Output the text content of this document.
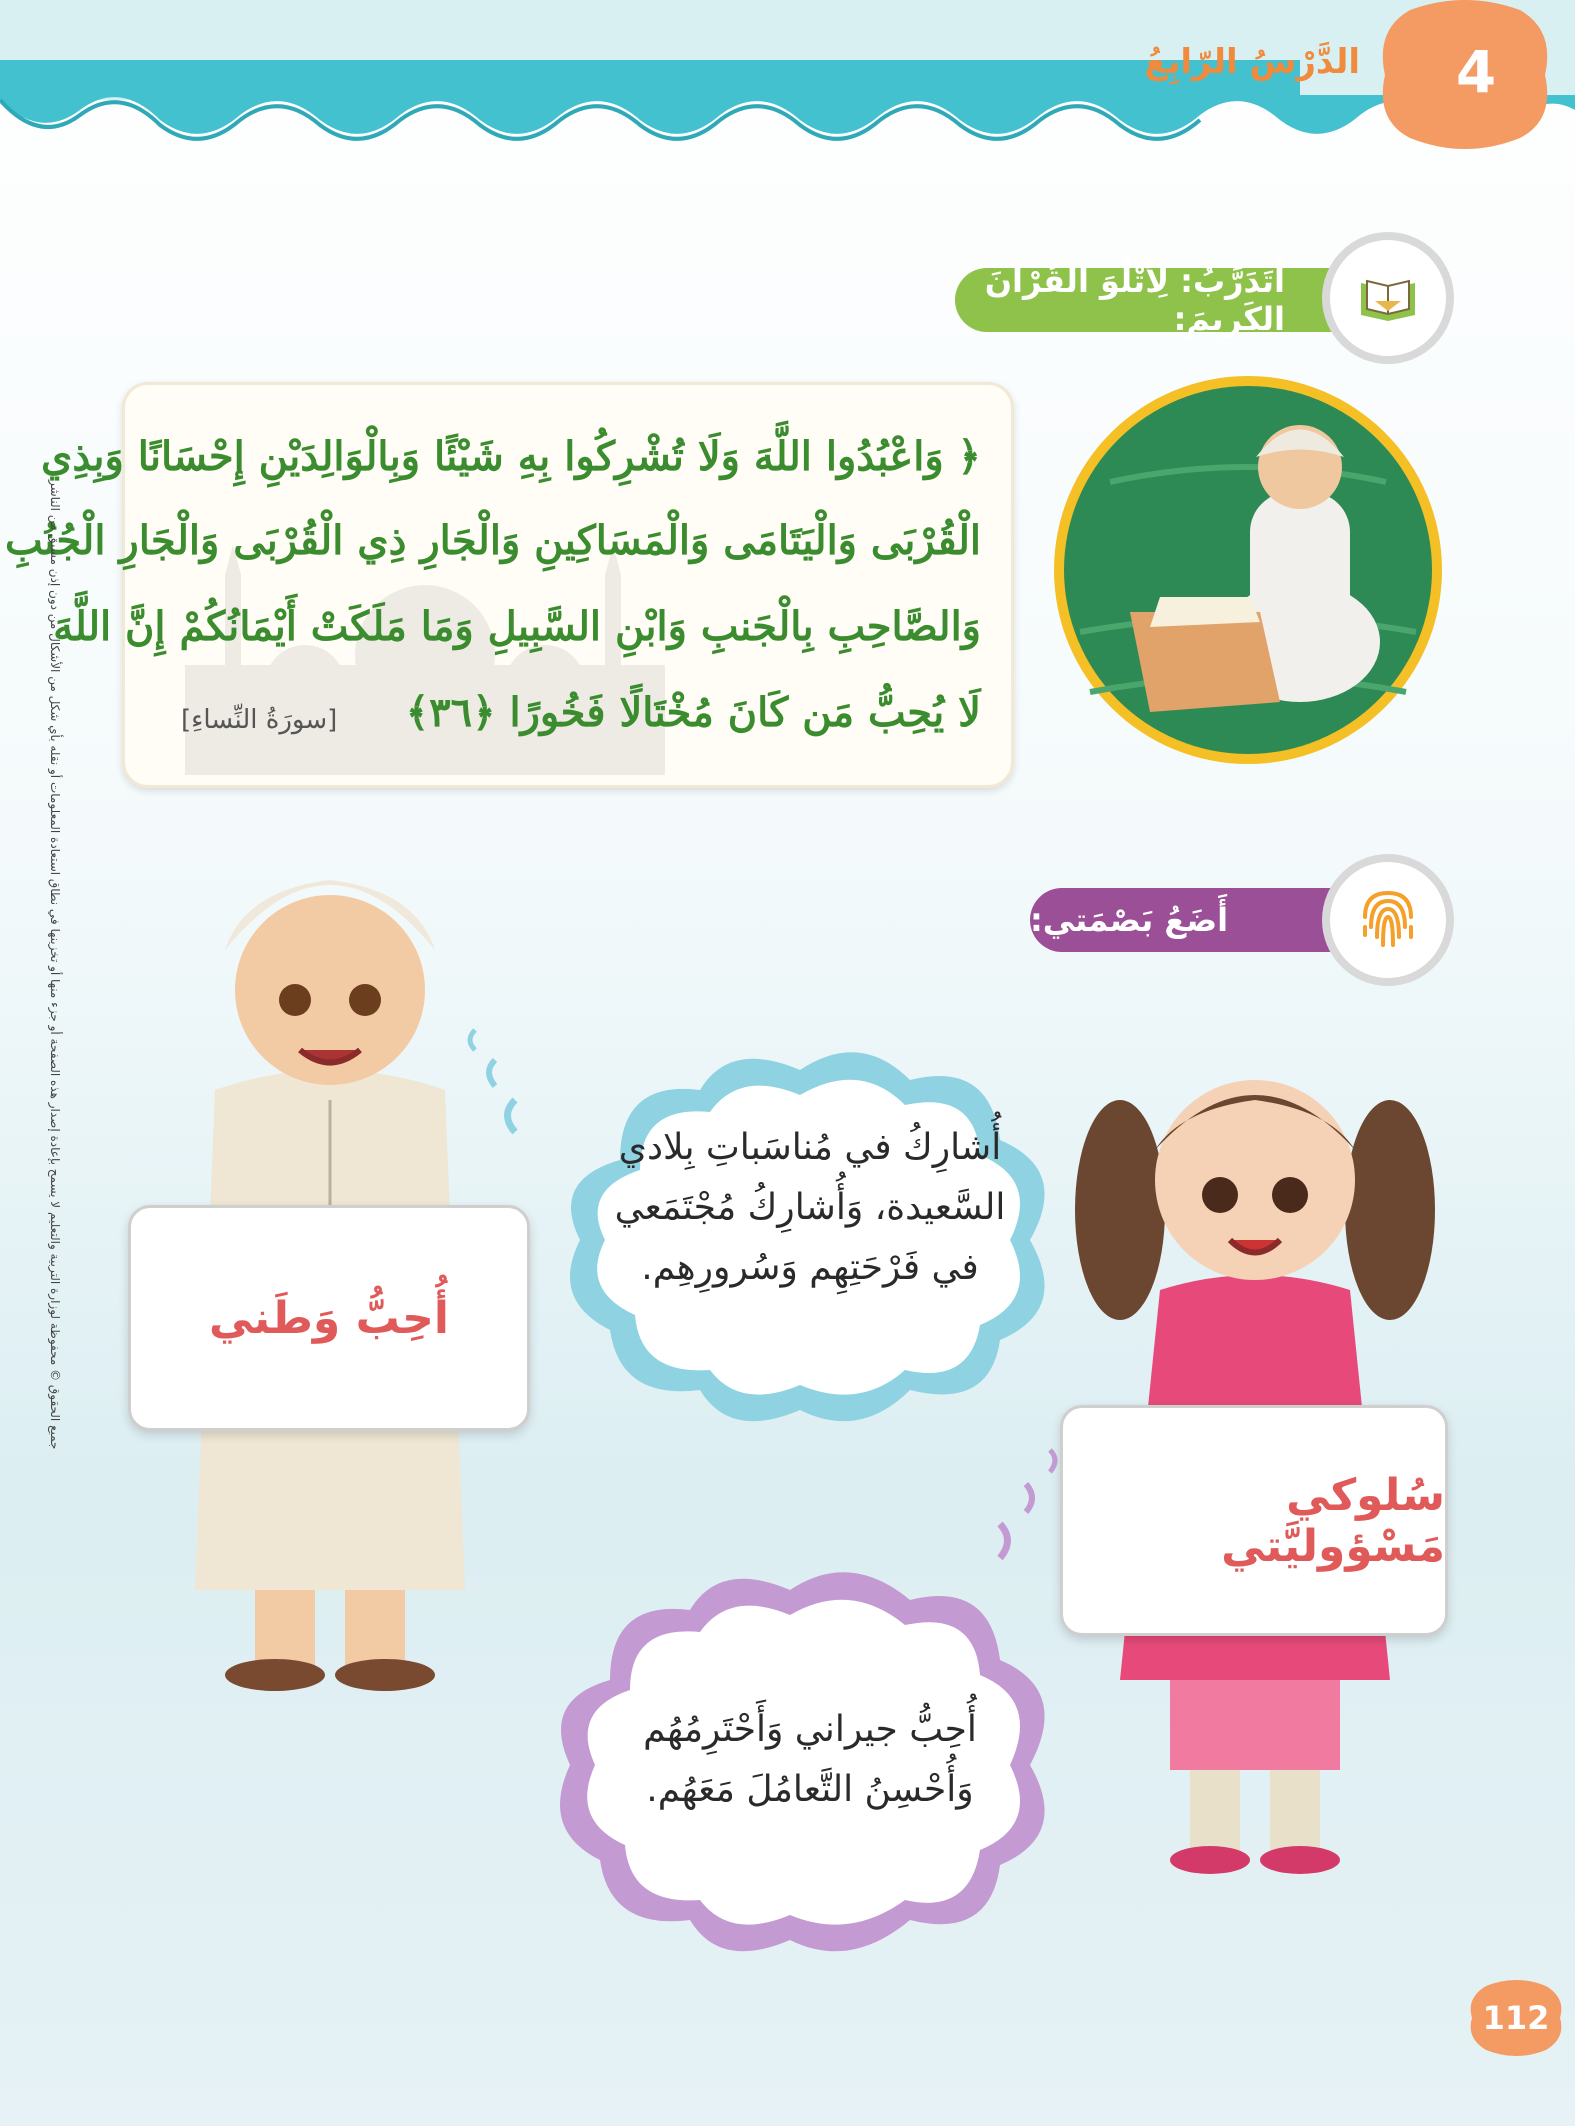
الدَّرْسُ الرّابِعُ	4
أَتَدَرَّبُ: لِأَتْلُوَ القُرْآنَ الكَريمَ:
﴿ وَاعْبُدُوا اللَّهَ وَلَا تُشْرِكُوا بِهِ شَيْئًا وَبِالْوَالِدَيْنِ إِحْسَانًا وَبِذِي
الْقُرْبَى وَالْيَتَامَى وَالْمَسَاكِينِ وَالْجَارِ ذِي الْقُرْبَى وَالْجَارِ الْجُنُبِ
وَالصَّاحِبِ بِالْجَنبِ وَابْنِ السَّبِيلِ وَمَا مَلَكَتْ أَيْمَانُكُمْ إِنَّ اللَّهَ
لَا يُحِبُّ مَن كَانَ مُخْتَالًا فَخُورًا ﴿٣٦﴾
[سورَةُ النِّساءِ]
أَضَعُ بَصْمَتي:
جميع الحقوق © محفوظة لوزارة التربية والتعليم لا يسمح بإعادة إصدار هذه الصفحة أو جزء منها أو تخزينها في نطاق استعادة المعلومات أو نقله بأي شكل من الأشكال من دون إذن مسبق من الناشر	أُحِبُّ وَطَني
أُشارِكُ في مُناسَباتِ بِلادي
السَّعيدة، وَأُشارِكُ مُجْتَمَعي
في فَرْحَتِهِم وَسُرورِهِم.
سُلوكي مَسْؤوليَّتي
أُحِبُّ جيراني وَأَحْتَرِمُهُم
وَأُحْسِنُ التَّعامُلَ مَعَهُم.
112
